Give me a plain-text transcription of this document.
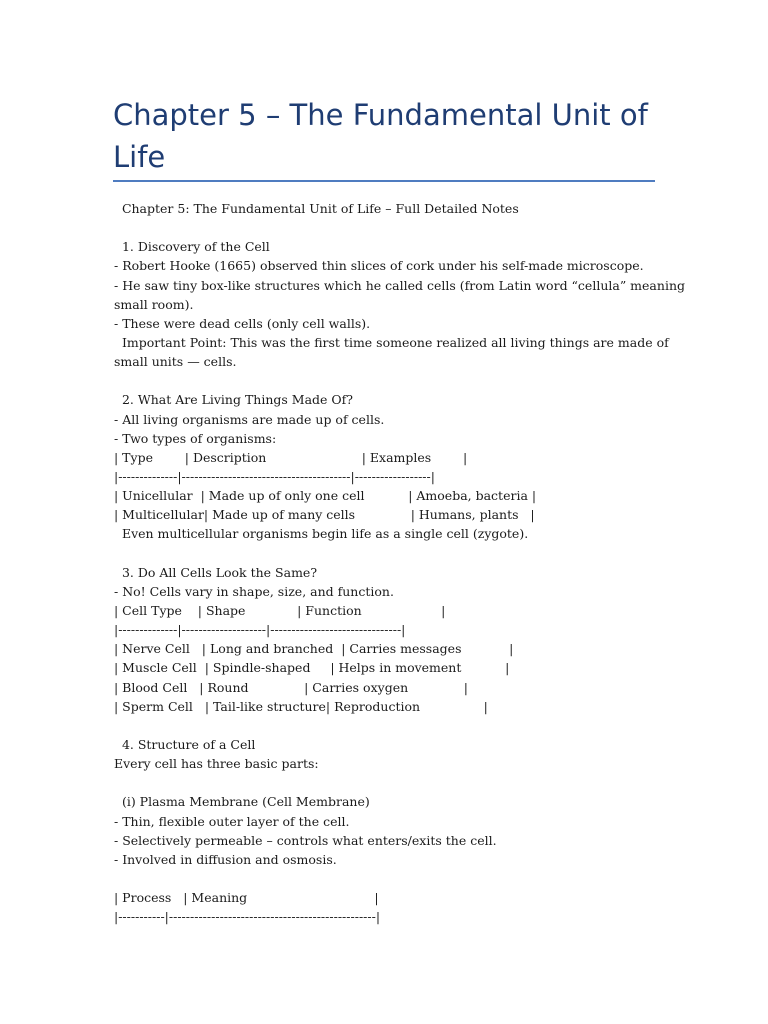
Chapter 5 – The Fundamental Unit of Life
Chapter 5: The Fundamental Unit of Life – Full Detailed Notes
1. Discovery of the Cell
- Robert Hooke (1665) observed thin slices of cork under his self-made microscope.
- He saw tiny box-like structures which he called cells (from Latin word “cellula” meaning
small room).
- These were dead cells (only cell walls).
Important Point: This was the first time someone realized all living things are made of
small units — cells.
2. What Are Living Things Made Of?
- All living organisms are made up of cells.
- Two types of organisms:
| Type        | Description                        | Examples        |
|--------------|----------------------------------------|------------------|
| Unicellular  | Made up of only one cell           | Amoeba, bacteria |
| Multicellular| Made up of many cells              | Humans, plants   |
Even multicellular organisms begin life as a single cell (zygote).
3. Do All Cells Look the Same?
- No! Cells vary in shape, size, and function.
| Cell Type    | Shape             | Function                    |
|--------------|--------------------|-------------------------------|
| Nerve Cell   | Long and branched  | Carries messages            |
| Muscle Cell  | Spindle-shaped     | Helps in movement           |
| Blood Cell   | Round              | Carries oxygen              |
| Sperm Cell   | Tail-like structure| Reproduction                |
4. Structure of a Cell
Every cell has three basic parts:
(i) Plasma Membrane (Cell Membrane)
- Thin, flexible outer layer of the cell.
- Selectively permeable – controls what enters/exits the cell.
- Involved in diffusion and osmosis.
| Process   | Meaning                                |
|-----------|-------------------------------------------------|
